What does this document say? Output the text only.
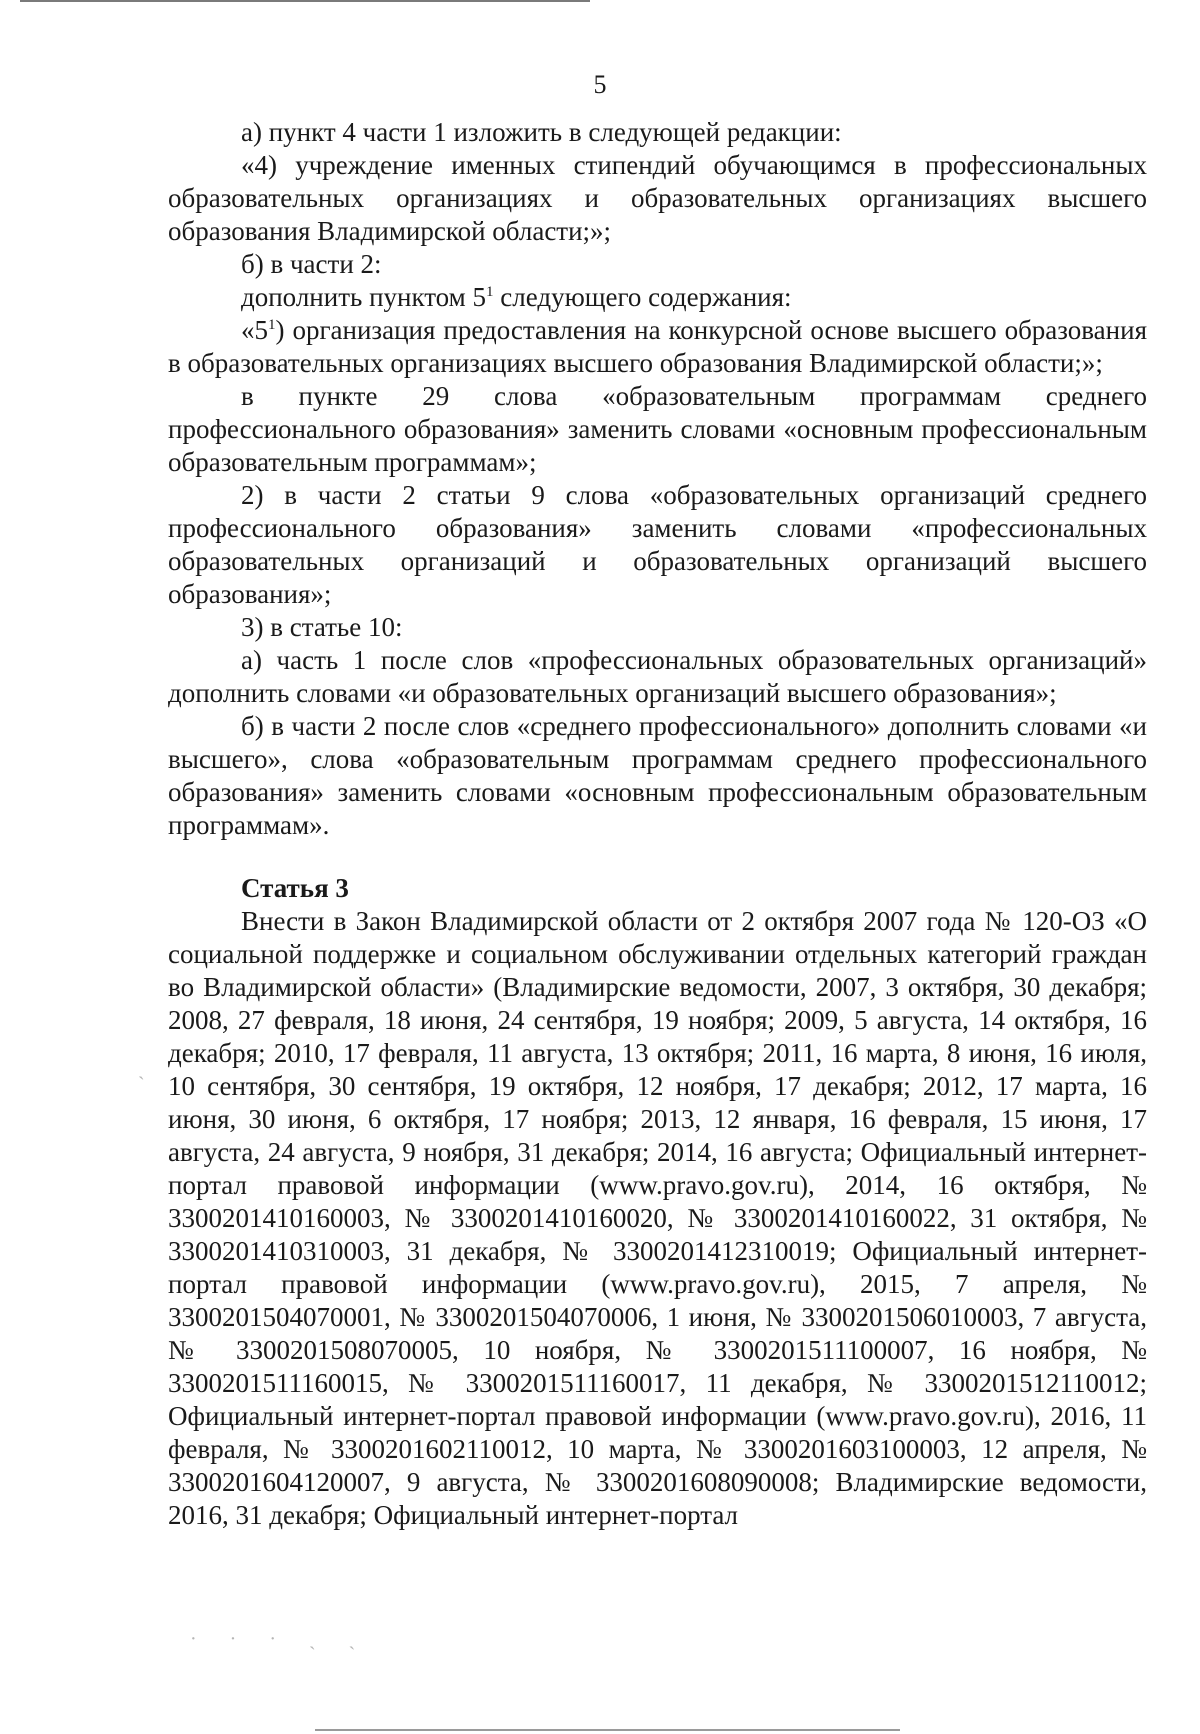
5

а) пункт 4 части 1 изложить в следующей редакции:

«4) учреждение именных стипендий обучающимся в профессиональных образовательных организациях и образовательных организациях высшего образования Владимирской области;»;

б) в части 2:

дополнить пунктом $5^1$ следующего содержания:

«$5^1$) организация предоставления на конкурсной основе высшего образования в образовательных организациях высшего образования Владимирской области;»;

в пункте 29 слова «образовательным программам среднего профессионального образования» заменить словами «основным профессиональным образовательным программам»;

2) в части 2 статьи 9 слова «образовательных организаций среднего профессионального образования» заменить словами «профессиональных образовательных организаций и образовательных организаций высшего образования»;

3) в статье 10:

а) часть 1 после слов «профессиональных образовательных организаций» дополнить словами «и образовательных организаций высшего образования»;

б) в части 2 после слов «среднего профессионального» дополнить словами «и высшего», слова «образовательным программам среднего профессионального образования» заменить словами «основным профессиональным образовательным программам».

Статья 3

Внести в Закон Владимирской области от 2 октября 2007 года № 120-ОЗ «О социальной поддержке и социальном обслуживании отдельных категорий граждан во Владимирской области» (Владимирские ведомости, 2007, 3 октября, 30 декабря; 2008, 27 февраля, 18 июня, 24 сентября, 19 ноября; 2009, 5 августа, 14 октября, 16 декабря; 2010, 17 февраля, 11 августа, 13 октября; 2011, 16 марта, 8 июня, 16 июля, 10 сентября, 30 сентября, 19 октября, 12 ноября, 17 декабря; 2012, 17 марта, 16 июня, 30 июня, 6 октября, 17 ноября; 2013, 12 января, 16 февраля, 15 июня, 17 августа, 24 августа, 9 ноября, 31 декабря; 2014, 16 августа; Официальный интернет-портал правовой информации (www.pravo.gov.ru), 2014, 16 октября, № 3300201410160003, № 3300201410160020, № 3300201410160022, 31 октября, № 3300201410310003, 31 декабря, № 3300201412310019; Официальный интернет-портал правовой информации (www.pravo.gov.ru), 2015, 7 апреля, № 3300201504070001, № 3300201504070006, 1 июня, № 3300201506010003, 7 августа, № 3300201508070005, 10 ноября, № 3300201511100007, 16 ноября, № 3300201511160015, № 3300201511160017, 11 декабря, № 3300201512110012; Официальный интернет-портал правовой информации (www.pravo.gov.ru), 2016, 11 февраля, № 3300201602110012, 10 марта, № 3300201603100003, 12 апреля, № 3300201604120007, 9 августа, № 3300201608090008; Владимирские ведомости, 2016, 31 декабря; Официальный интернет-портал

ˏ
· · · ˎ ˏ
